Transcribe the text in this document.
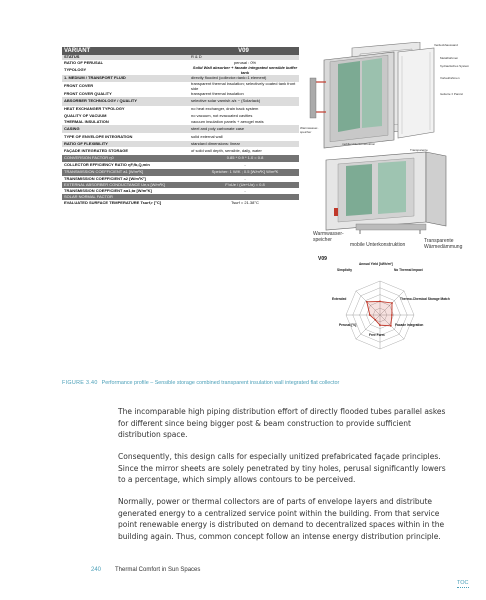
VARIANT	V09
STATUS	R & D
RATIO OF PERUSAL	perusal : 0%
TYPOLOGY	Solid Wall absorber + facade integrated sensible buffer tank
1. MEDIUM / TRANSPORT FLUID	directly flooded (collector=tank=1 element)
FRONT COVER	transparent thermal insulation; selectively coated tank front side
FRONT COVER QUALITY	transparent thermal insulation
ABSORBER TECHNOLOGY / QUALITY	selective solar varnish a/ε ~ (Solarlack)
HEAT EXCHANGER TYPOLOGY	no heat exchanger, drain back system
QUALITY OF VACUUM	no vacuum, not evacuated cavities
THERMAL INSULATION	vacuum insulation panels + aerogel mats
CASING	steel and poly carbonate case
TYPE OF ENVELOPE INTEGRATION	solid external wall
RATIO OF FLEXIBILITY	standard dimensions: linear
FAÇADE INTEGRATED STORAGE	of solid wall depth, sensible, daily, water
CONVERSION FACTOR η0	0.85 * 0.9 * 1.0 = 0.8
COLLECTOR EFFICIENCY RATIO ηF,fb,Q,min	-
TRANSMISSION COEFFICIENT a1 [W/m²K]	Speicher: 1 W/K ; 0.5 [W/m²K] W/m²K
TRANSMISSION COEFFICIENT a2 [W/m²K²]	-
EXTERNAL ABSORBER CONDUCTANCE Ue,s [W/m²K]	F'αUe / (Ue+Uα) = 0.8
TRANSMISSION COEFFICIENT aα1,tα [W/m²K]	-
SOLAR NORMAL FACTOR
EVALUATED SURFACE TEMPERATURE Tsurf,r [°C]	Tsurf = 21.38°C
Verdeckhaussand
Metallrahmen
hydraulisches System
Vorlaufrahmen
Isolierte ± Panzel
Warmwasser-speicher
mobile Unterkonstruktion
Transparente
Warmwasser-speicher
mobile Unterkonstruktion
Transparente Wärmedämmung
V09
Annual Yield [kWh/m²]
No Thermal Impact
Thermo-Chemical Storage Match
Facade integration
Free Form
Perusal [%]
Extended
Simplicity
FIGURE 3.40 Performance profile – Sensible storage combined transparent insulation wall integrated flat collector

The incomparable high piping distribution effort of directly flooded tubes parallel askes for different since being bigger post & beam construction to provide sufficient distribution space.

Consequently, this design calls for especially unitized prefabricated façade principles. Since the mirror sheets are solely penetrated by tiny holes, perusal significantly lowers to a percentage, which simply allows contours to be perceived.

Normally, power or thermal collectors are of parts of envelope layers and distribute generated energy to a centralized service point within the building. From that service point renewable energy is distributed on demand to decentralized spaces within in the building again. Thus, common concept follow an intense energy distribution principle.

240 Thermal Comfort in Sun Spaces
TOC
